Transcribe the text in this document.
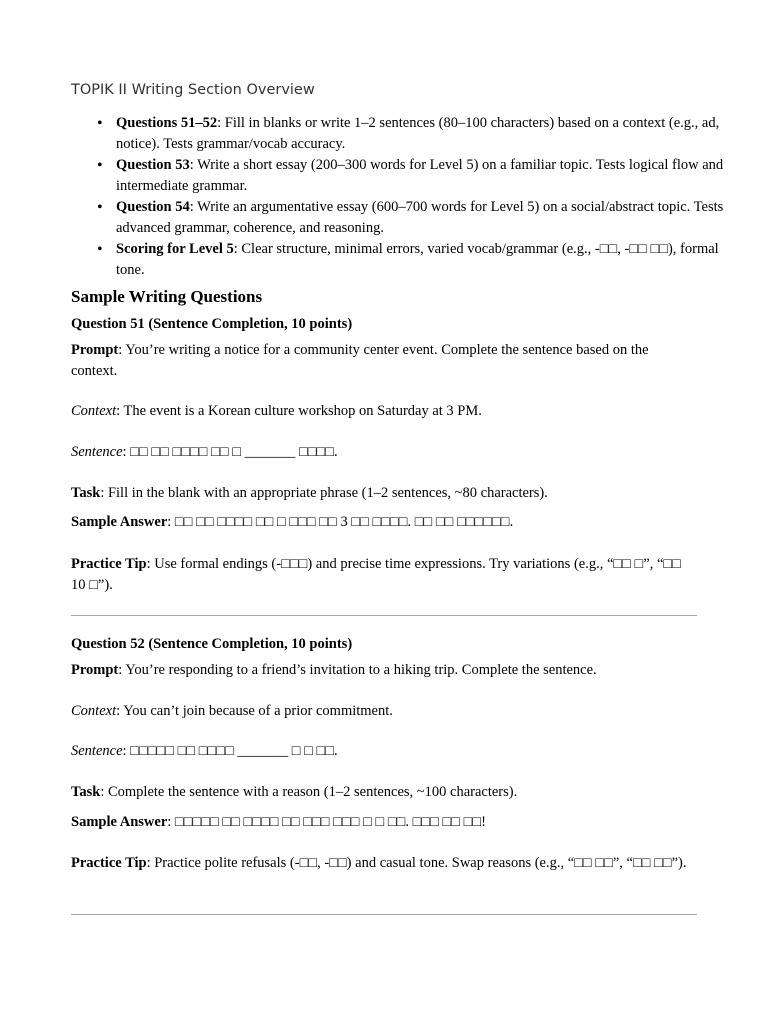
TOPIK II Writing Section Overview
• Questions 51–52: Fill in blanks or write 1–2 sentences (80–100 characters) based on a context (e.g., ad, notice). Tests grammar/vocab accuracy.
• Question 53: Write a short essay (200–300 words for Level 5) on a familiar topic. Tests logical flow and intermediate grammar.
• Question 54: Write an argumentative essay (600–700 words for Level 5) on a social/abstract topic. Tests advanced grammar, coherence, and reasoning.
• Scoring for Level 5: Clear structure, minimal errors, varied vocab/grammar (e.g., -□□, -□□ □□), formal tone.
Sample Writing Questions
Question 51 (Sentence Completion, 10 points)
Prompt: You’re writing a notice for a community center event. Complete the sentence based on the context.
Context: The event is a Korean culture workshop on Saturday at 3 PM.
Sentence: □□ □□ □□□□ □□ □ _______ □□□□.
Task: Fill in the blank with an appropriate phrase (1–2 sentences, ~80 characters).
Sample Answer: □□ □□ □□□□ □□ □ □□□ □□ 3 □□ □□□□. □□ □□ □□□□□□.
Practice Tip: Use formal endings (-□□□) and precise time expressions. Try variations (e.g., “□□ □”, “□□ 10 □”).
Question 52 (Sentence Completion, 10 points)
Prompt: You’re responding to a friend’s invitation to a hiking trip. Complete the sentence.
Context: You can’t join because of a prior commitment.
Sentence: □□□□□ □□ □□□□ _______ □ □ □□.
Task: Complete the sentence with a reason (1–2 sentences, ~100 characters).
Sample Answer: □□□□□ □□ □□□□ □□ □□□ □□□ □ □ □□. □□□ □□ □□!
Practice Tip: Practice polite refusals (-□□, -□□) and casual tone. Swap reasons (e.g., “□□ □□”, “□□ □□”).
